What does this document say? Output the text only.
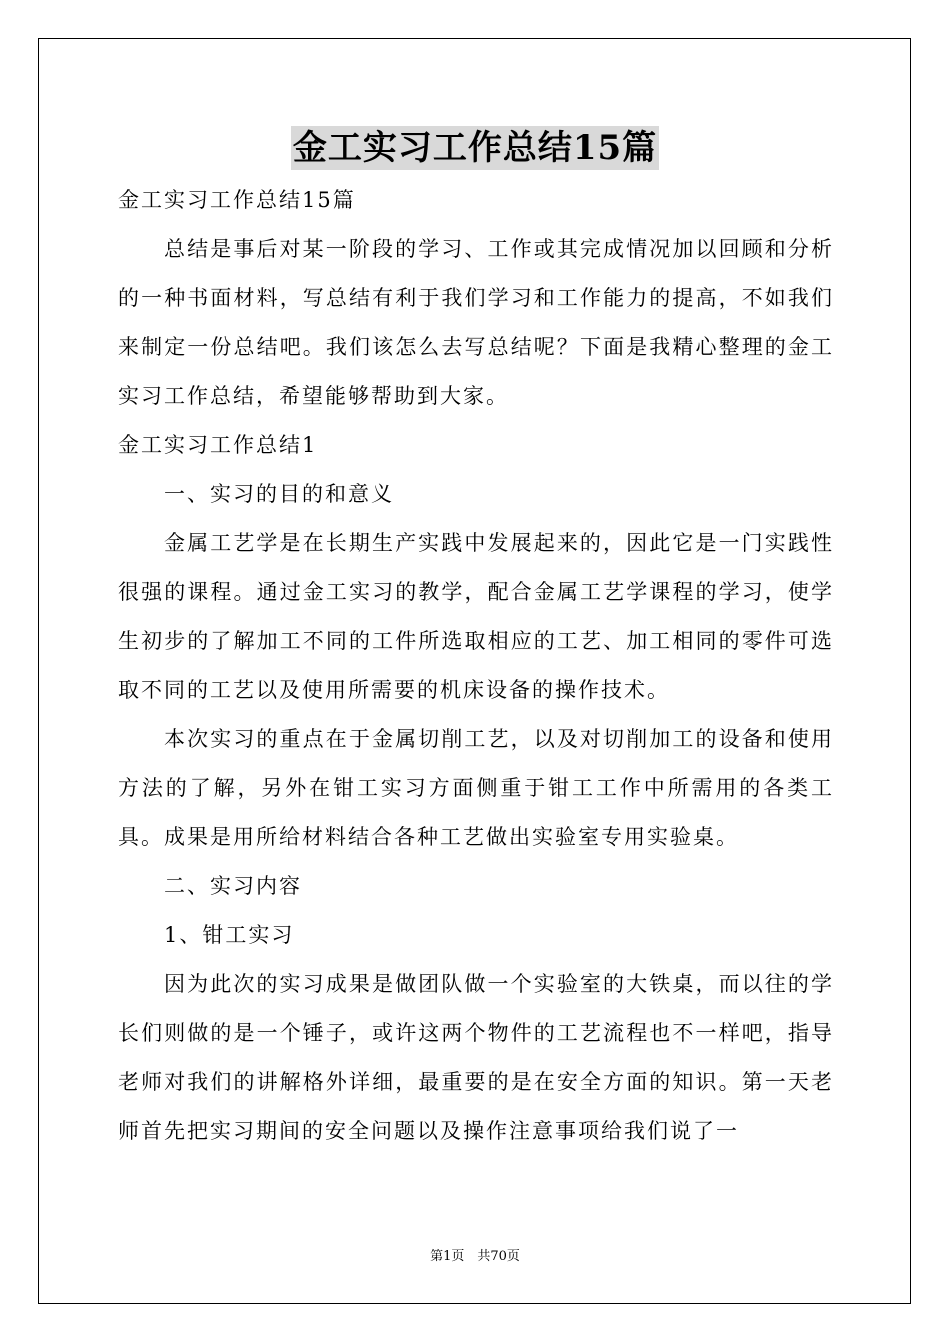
金工实习工作总结15篇

金工实习工作总结15篇

总结是事后对某一阶段的学习、工作或其完成情况加以回顾和分析的一种书面材料，写总结有利于我们学习和工作能力的提高，不如我们来制定一份总结吧。我们该怎么去写总结呢？下面是我精心整理的金工实习工作总结，希望能够帮助到大家。

金工实习工作总结1

一、实习的目的和意义

金属工艺学是在长期生产实践中发展起来的，因此它是一门实践性很强的课程。通过金工实习的教学，配合金属工艺学课程的学习，使学生初步的了解加工不同的工件所选取相应的工艺、加工相同的零件可选取不同的工艺以及使用所需要的机床设备的操作技术。

本次实习的重点在于金属切削工艺，以及对切削加工的设备和使用方法的了解，另外在钳工实习方面侧重于钳工工作中所需用的各类工具。成果是用所给材料结合各种工艺做出实验室专用实验桌。

二、实习内容

1、钳工实习

因为此次的实习成果是做团队做一个实验室的大铁桌，而以往的学长们则做的是一个锤子，或许这两个物件的工艺流程也不一样吧，指导老师对我们的讲解格外详细，最重要的是在安全方面的知识。第一天老师首先把实习期间的安全问题以及操作注意事项给我们说了一

第1页　共70页
